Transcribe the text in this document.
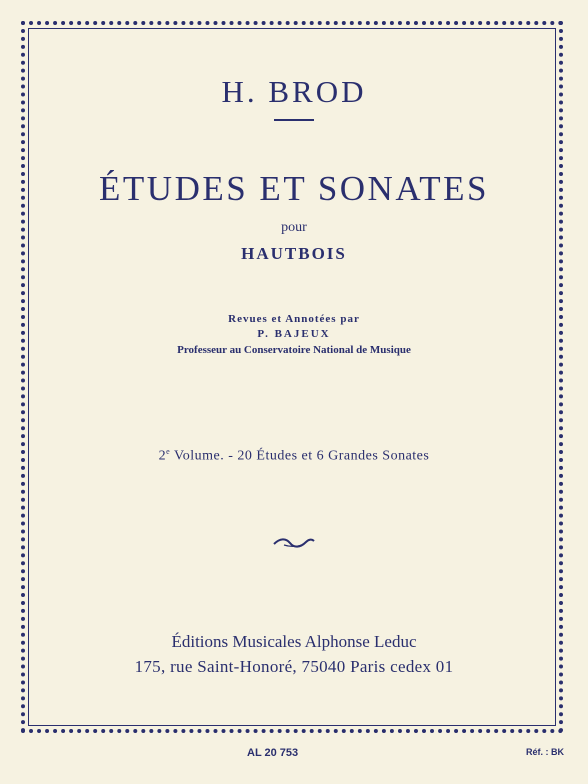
H. BROD

ÉTUDES ET SONATES

pour

HAUTBOIS

Revues et Annotées par

P. BAJEUX

Professeur au Conservatoire National de Musique

2e Volume. - 20 Études et 6 Grandes Sonates

Éditions Musicales Alphonse Leduc

175, rue Saint-Honoré, 75040 Paris cedex 01

AL 20 753	Réf. : BK
